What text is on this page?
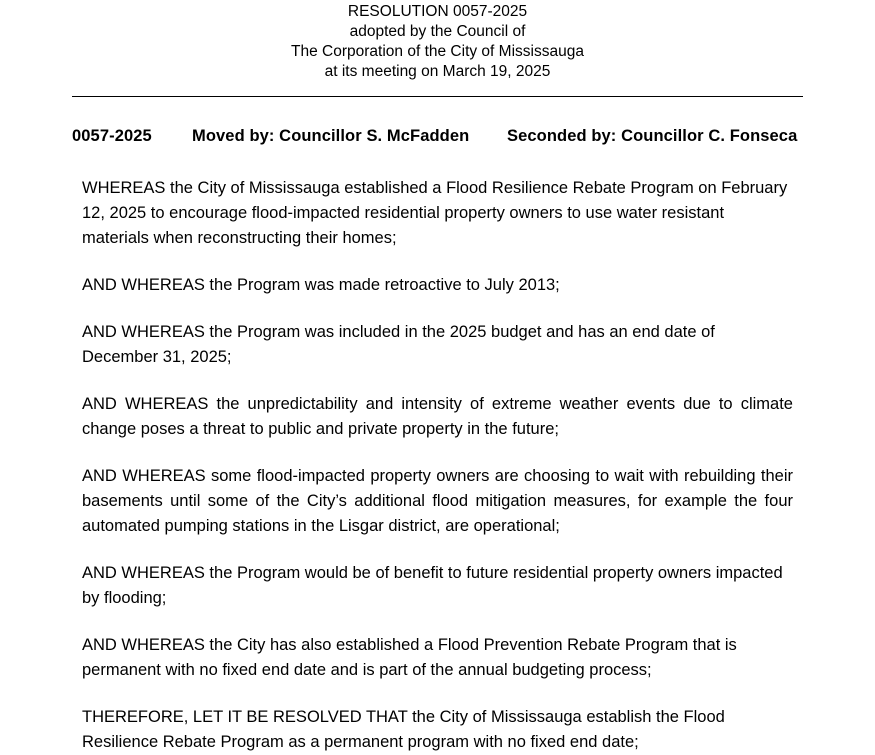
RESOLUTION 0057-2025
adopted by the Council of
The Corporation of the City of Mississauga
at its meeting on March 19, 2025
0057-2025	Moved by: Councillor S. McFadden	Seconded by: Councillor C. Fonseca

WHEREAS the City of Mississauga established a Flood Resilience Rebate Program on February 12, 2025 to encourage flood-impacted residential property owners to use water resistant materials when reconstructing their homes;

AND WHEREAS the Program was made retroactive to July 2013;

AND WHEREAS the Program was included in the 2025 budget and has an end date of December 31, 2025;

AND WHEREAS the unpredictability and intensity of extreme weather events due to climate change poses a threat to public and private property in the future;

AND WHEREAS some flood-impacted property owners are choosing to wait with rebuilding their basements until some of the City’s additional flood mitigation measures, for example the four automated pumping stations in the Lisgar district, are operational;

AND WHEREAS the Program would be of benefit to future residential property owners impacted by flooding;

AND WHEREAS the City has also established a Flood Prevention Rebate Program that is permanent with no fixed end date and is part of the annual budgeting process;

THEREFORE, LET IT BE RESOLVED THAT the City of Mississauga establish the Flood Resilience Rebate Program as a permanent program with no fixed end date;
